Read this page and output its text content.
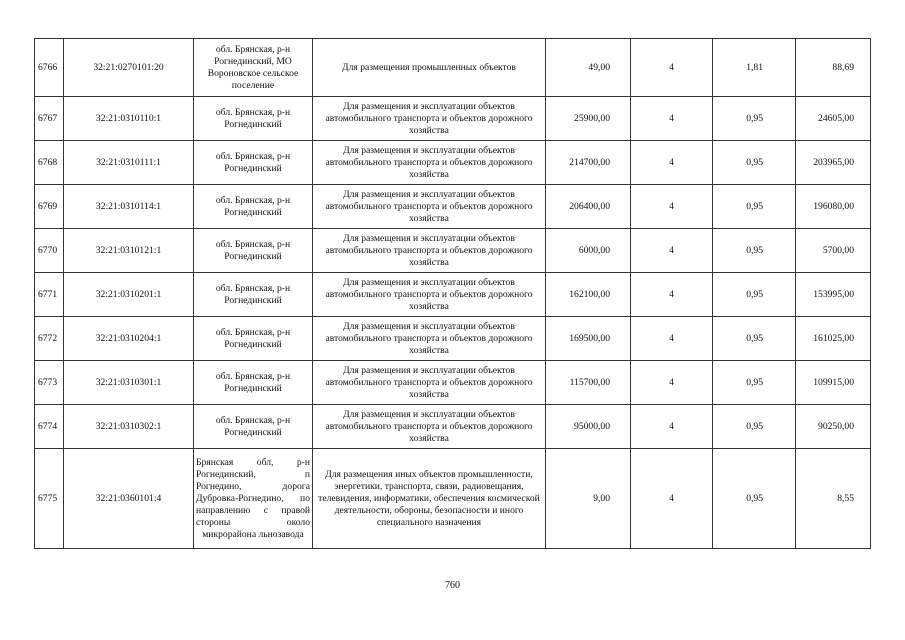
6766	32:21:0270101:20	обл. Брянская, р-н Рогнединский, МО Вороновское сельское поселение	Для размещения промышленных объектов	49,00	4	1,81	88,69
6767	32:21:0310110:1	обл. Брянская, р-н Рогнединский	Для размещения и эксплуатации объектов автомобильного транспорта и объектов дорожного хозяйства	25900,00	4	0,95	24605,00
6768	32:21:0310111:1	обл. Брянская, р-н Рогнединский	Для размещения и эксплуатации объектов автомобильного транспорта и объектов дорожного хозяйства	214700,00	4	0,95	203965,00
6769	32:21:0310114:1	обл. Брянская, р-н Рогнединский	Для размещения и эксплуатации объектов автомобильного транспорта и объектов дорожного хозяйства	206400,00	4	0,95	196080,00
6770	32:21:0310121:1	обл. Брянская, р-н Рогнединский	Для размещения и эксплуатации объектов автомобильного транспорта и объектов дорожного хозяйства	6000,00	4	0,95	5700,00
6771	32:21:0310201:1	обл. Брянская, р-н Рогнединский	Для размещения и эксплуатации объектов автомобильного транспорта и объектов дорожного хозяйства	162100,00	4	0,95	153995,00
6772	32:21:0310204:1	обл. Брянская, р-н Рогнединский	Для размещения и эксплуатации объектов автомобильного транспорта и объектов дорожного хозяйства	169500,00	4	0,95	161025,00
6773	32:21:0310301:1	обл. Брянская, р-н Рогнединский	Для размещения и эксплуатации объектов автомобильного транспорта и объектов дорожного хозяйства	115700,00	4	0,95	109915,00
6774	32:21:0310302:1	обл. Брянская, р-н Рогнединский	Для размещения и эксплуатации объектов автомобильного транспорта и объектов дорожного хозяйства	95000,00	4	0,95	90250,00
6775	32:21:0360101:4	Брянская обл, р-н Рогнединский, п Рогнедино, дорога Дубровка-Рогнедино, по направлению с правой стороны около микрорайона льнозавода	Для размещения иных объектов промышленности, энергетики, транспорта, связи, радиовещания, телевидения, информатики, обеспечения космической деятельности, обороны, безопасности и иного специального назначения	9,00	4	0,95	8,55
760
